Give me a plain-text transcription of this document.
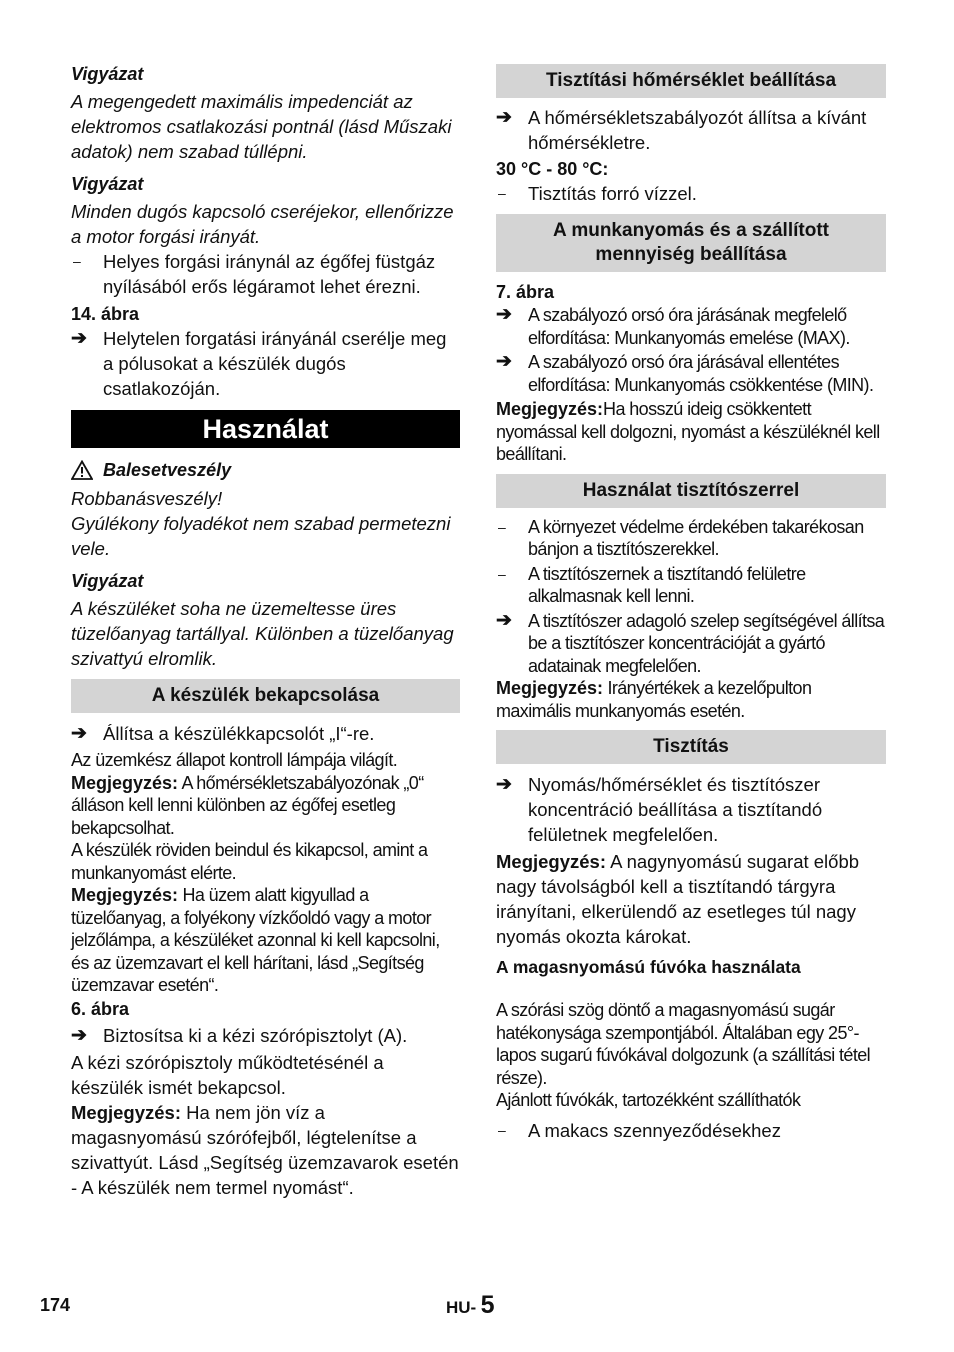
Vigyázat

A megengedett maximális impedenciát az elektromos csatlakozási pontnál (lásd Műszaki adatok) nem szabad túllépni.

Vigyázat

Minden dugós kapcsoló cseréjekor, ellenőrizze a motor forgási irányát.

– Helyes forgási iránynál az égőfej füstgáz nyílásából erős légáramot lehet érezni.

14. ábra

➔ Helytelen forgatási irányánál cserélje meg a pólusokat a készülék dugós csatlakozóján.
Használat
Balesetveszély

Robbanásveszély!

Gyúlékony folyadékot nem szabad permetezni vele.

Vigyázat

A készüléket soha ne üzemeltesse üres tüzelőanyag tartállyal. Különben a tüzelőanyag szivattyú elromlik.

A készülék bekapcsolása
➔ Állítsa a készülékkapcsolót „I“-re.

Az üzemkész állapot kontroll lámpája világít.

Megjegyzés: A hőmérsékletszabályozónak „0“ álláson kell lenni különben az égőfej esetleg bekapcsolhat.

A készülék röviden beindul és kikapcsol, amint a munkanyomást elérte.

Megjegyzés: Ha üzem alatt kigyullad a tüzelőanyag, a folyékony vízkőoldó vagy a motor jelzőlámpa, a készüléket azonnal ki kell kapcsolni, és az üzemzavart el kell hárítani, lásd „Segítség üzemzavar esetén“.

6. ábra

➔ Biztosítsa ki a kézi szórópisztolyt (A).

A kézi szórópisztoly működtetésénél a készülék ismét bekapcsol.

Megjegyzés: Ha nem jön víz a magasnyomású szórófejből, légtelenítse a szivattyút. Lásd „Segítség üzemzavarok esetén - A készülék nem termel nyomást“.

Tisztítási hőmérséklet beállítása
➔ A hőmérsékletszabályozót állítsa a kívánt hőmérsékletre.

30 °C - 80 °C:

– Tisztítás forró vízzel.
A munkanyomás és a szállított mennyiség beállítása

7. ábra

➔ A szabályozó orsó óra járásának megfelelő elfordítása: Munkanyomás emelése (MAX).
➔ A szabályozó orsó óra járásával ellentétes elfordítása: Munkanyomás csökkentése (MIN).

Megjegyzés:Ha hosszú ideig csökkentett nyomással kell dolgozni, nyomást a készüléknél kell beállítani.

Használat tisztítószerrel
– A környezet védelme érdekében takarékosan bánjon a tisztítószerekkel.
– A tisztítószernek a tisztítandó felületre alkalmasnak kell lenni.
➔ A tisztítószer adagoló szelep segítségével állítsa be a tisztítószer koncentrációját a gyártó adatainak megfelelően.

Megjegyzés: Irányértékek a kezelőpulton maximális munkanyomás esetén.

Tisztítás
➔ Nyomás/hőmérséklet és tisztítószer koncentráció beállítása a tisztítandó felületnek megfelelően.

Megjegyzés: A nagynyomású sugarat előbb nagy távolságból kell a tisztítandó tárgyra irányítani, elkerülendő az esetleges túl nagy nyomás okozta károkat.

A magasnyomású fúvóka használata

A szórási szög döntő a magasnyomású sugár hatékonysága szempontjából. Általában egy 25°- lapos sugarú fúvókával dolgozunk (a szállítási tétel része).

Ajánlott fúvókák, tartozékként szállíthatók

– A makacs szennyeződésekhez
174	HU- 5
